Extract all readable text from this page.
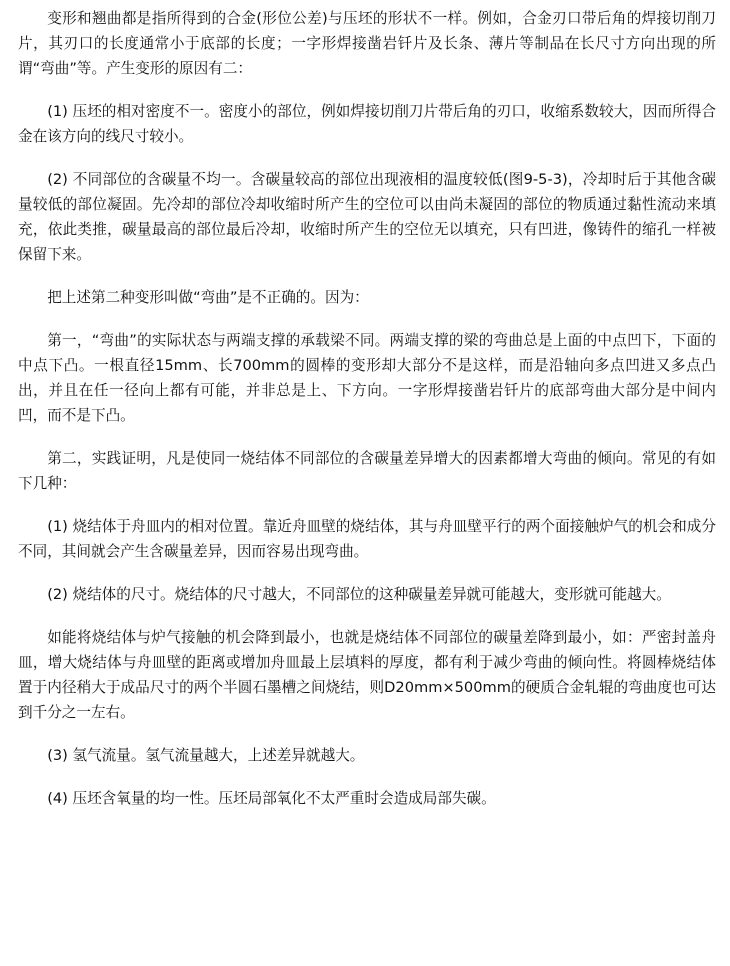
变形和翘曲都是指所得到的合金(形位公差)与压坯的形状不一样。例如，合金刃口带后角的焊接切削刀片，其刃口的长度通常小于底部的长度；一字形焊接凿岩钎片及长条、薄片等制品在长尺寸方向出现的所谓“弯曲”等。产生变形的原因有二：

(1) 压坯的相对密度不一。密度小的部位，例如焊接切削刀片带后角的刃口，收缩系数较大，因而所得合金在该方向的线尺寸较小。

(2) 不同部位的含碳量不均一。含碳量较高的部位出现液相的温度较低(图9-5-3)，冷却时后于其他含碳量较低的部位凝固。先冷却的部位冷却收缩时所产生的空位可以由尚未凝固的部位的物质通过黏性流动来填充，依此类推，碳量最高的部位最后冷却，收缩时所产生的空位无以填充，只有凹进，像铸件的缩孔一样被保留下来。

把上述第二种变形叫做“弯曲”是不正确的。因为：

第一，“弯曲”的实际状态与两端支撑的承载梁不同。两端支撑的梁的弯曲总是上面的中点凹下，下面的中点下凸。一根直径15mm、长700mm的圆棒的变形却大部分不是这样，而是沿轴向多点凹进又多点凸出，并且在任一径向上都有可能，并非总是上、下方向。一字形焊接凿岩钎片的底部弯曲大部分是中间内凹，而不是下凸。

第二，实践证明，凡是使同一烧结体不同部位的含碳量差异增大的因素都增大弯曲的倾向。常见的有如下几种：

(1) 烧结体于舟皿内的相对位置。靠近舟皿壁的烧结体，其与舟皿壁平行的两个面接触炉气的机会和成分不同，其间就会产生含碳量差异，因而容易出现弯曲。

(2) 烧结体的尺寸。烧结体的尺寸越大，不同部位的这种碳量差异就可能越大，变形就可能越大。

如能将烧结体与炉气接触的机会降到最小，也就是烧结体不同部位的碳量差降到最小，如：严密封盖舟皿，增大烧结体与舟皿壁的距离或增加舟皿最上层填料的厚度，都有利于减少弯曲的倾向性。将圆棒烧结体置于内径稍大于成品尺寸的两个半圆石墨槽之间烧结，则D20mm×500mm的硬质合金轧辊的弯曲度也可达到千分之一左右。

(3) 氢气流量。氢气流量越大，上述差异就越大。

(4) 压坯含氧量的均一性。压坯局部氧化不太严重时会造成局部失碳。
